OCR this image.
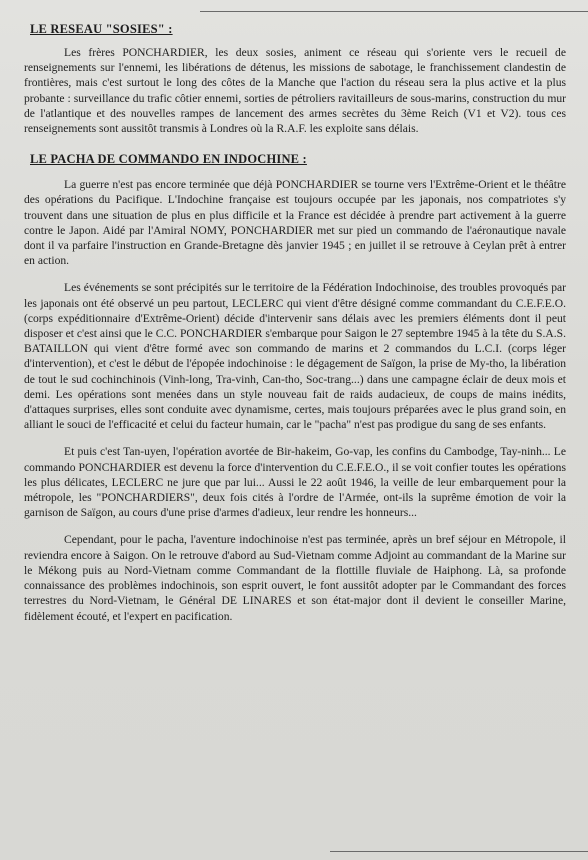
LE RESEAU "SOSIES" :

Les frères PONCHARDIER, les deux sosies, animent ce réseau qui s'oriente vers le recueil de renseignements sur l'ennemi, les libérations de détenus, les missions de sabotage, le franchissement clandestin de frontières, mais c'est surtout le long des côtes de la Manche que l'action du réseau sera la plus active et la plus probante : surveillance du trafic côtier ennemi, sorties de pétroliers ravitailleurs de sous-marins, construction du mur de l'atlantique et des nouvelles rampes de lancement des armes secrètes du 3ème Reich (V1 et V2). tous ces renseignements sont aussitôt transmis à Londres où la R.A.F. les exploite sans délais.

LE PACHA DE COMMANDO EN INDOCHINE :

La guerre n'est pas encore terminée que déjà PONCHARDIER se tourne vers l'Extrême-Orient et le théâtre des opérations du Pacifique. L'Indochine française est toujours occupée par les japonais, nos compatriotes s'y trouvent dans une situation de plus en plus difficile et la France est décidée à prendre part activement à la guerre contre le Japon. Aidé par l'Amiral NOMY, PONCHARDIER met sur pied un commando de l'aéronautique navale dont il va parfaire l'instruction en Grande-Bretagne dès janvier 1945 ; en juillet il se retrouve à Ceylan prêt à entrer en action.

Les événements se sont précipités sur le territoire de la Fédération Indochinoise, des troubles provoqués par les japonais ont été observé un peu partout, LECLERC qui vient d'être désigné comme commandant du C.E.F.E.O. (corps expéditionnaire d'Extrême-Orient) décide d'intervenir sans délais avec les premiers éléments dont il peut disposer et c'est ainsi que le C.C. PONCHARDIER s'embarque pour Saigon le 27 septembre 1945 à la tête du S.A.S. BATAILLON qui vient d'être formé avec son commando de marins et 2 commandos du L.C.I. (corps léger d'intervention), et c'est le début de l'épopée indochinoise : le dégagement de Saïgon, la prise de My-tho, la libération de tout le sud cochinchinois (Vinh-long, Tra-vinh, Can-tho, Soc-trang...) dans une campagne éclair de deux mois et demi. Les opérations sont menées dans un style nouveau fait de raids audacieux, de coups de mains inédits, d'attaques surprises, elles sont conduite avec dynamisme, certes, mais toujours préparées avec le plus grand soin, en alliant le souci de l'efficacité et celui du facteur humain, car le "pacha" n'est pas prodigue du sang de ses enfants.

Et puis c'est Tan-uyen, l'opération avortée de Bir-hakeim, Go-vap, les confins du Cambodge, Tay-ninh... Le commando PONCHARDIER est devenu la force d'intervention du C.E.F.E.O., il se voit confier toutes les opérations les plus délicates, LECLERC ne jure que par lui... Aussi le 22 août 1946, la veille de leur embarquement pour la métropole, les "PONCHARDIERS", deux fois cités à l'ordre de l'Armée, ont-ils la suprême émotion de voir la garnison de Saïgon, au cours d'une prise d'armes d'adieux, leur rendre les honneurs...

Cependant, pour le pacha, l'aventure indochinoise n'est pas terminée, après un bref séjour en Métropole, il reviendra encore à Saigon. On le retrouve d'abord au Sud-Vietnam comme Adjoint au commandant de la Marine sur le Mékong puis au Nord-Vietnam comme Commandant de la flottille fluviale de Haiphong. Là, sa profonde connaissance des problèmes indochinois, son esprit ouvert, le font aussitôt adopter par le Commandant des forces terrestres du Nord-Vietnam, le Général DE LINARES et son état-major dont il devient le conseiller Marine, fidèlement écouté, et l'expert en pacification.
